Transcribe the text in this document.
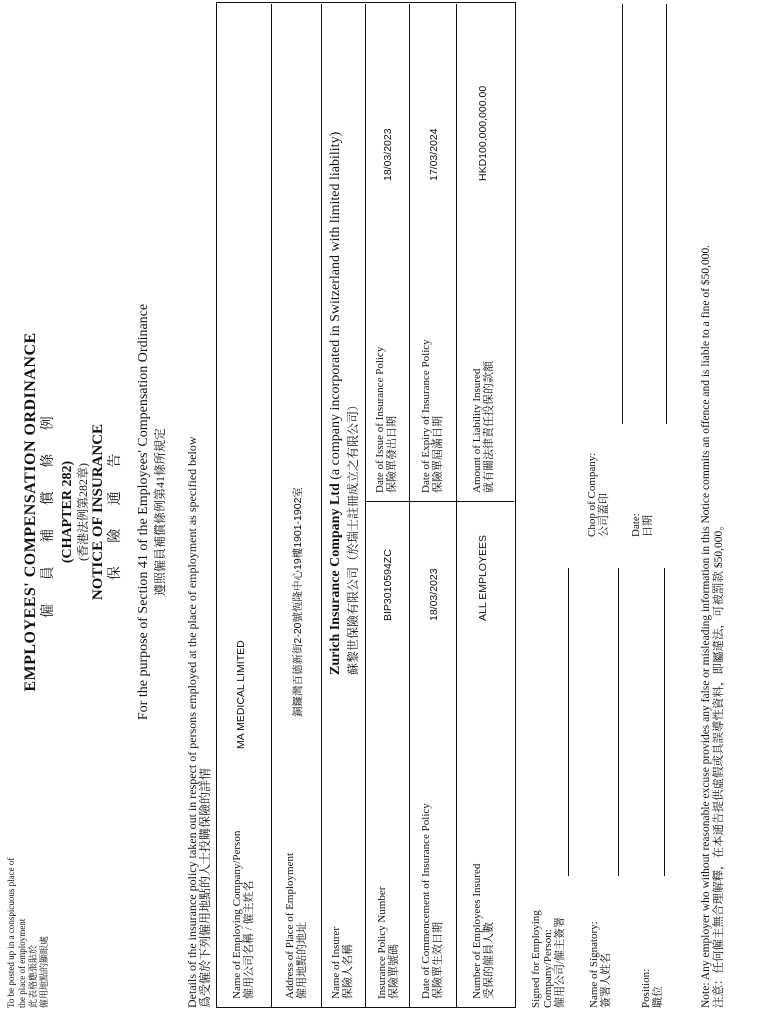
To be posted up in a conspicuous place of the place of employment 此表格應張貼於 僱用地點的顯眼處
EMPLOYEES' COMPENSATION ORDINANCE 僱 員 補 償 條 例 (CHAPTER 282) (香港法例第282章) NOTICE OF INSURANCE 保 險 通 告 For the purpose of Section 41 of the Employees' Compensation Ordinance 遵照僱員補償條例第41條所規定 Details of the insurance policy taken out in respect of persons employed at the place of employment as specified below 爲受僱於下列僱用地點的人士投購保險的詳情 Name of Employing Company/Person 僱用公司名稱 / 僱主姓名
MA MEDICAL LIMITED
Address of Place of Employment 僱用地點的地址
銅鑼灣百德新街2-20號恆隆中心19樓1901-1902室
Name of Insurer 保險人名稱
Zurich Insurance Company Ltd (a company incorporated in Switzerland with limited liability)
蘇黎世保險有限公司（於瑞士註冊成立之有限公司）
Insurance Policy Number 保險單號碼
BIP3010594ZC
Date of Issue of Insurance Policy 保險單發出日期
18/03/2023
Date of Commencement of Insurance Policy 保險單生效日期
18/03/2023
Date of Expiry of Insurance Policy 保險單屆滿日期
17/03/2024
Number of Employees Insured 受保的僱員人數
ALL EMPLOYEES
Amount of Liability Insured 就有關法律責任投保的款額
HKD100,000,000.00
Signed for Employing Company/Person: 僱用公司/僱主簽署
Chop of Company: 公司蓋印
Name of Signatory: 簽署人姓名
Date: 日期
Position: 職位	Note: Any employer who without reasonable excuse provides any false or misleading information in this Notice commits an offence and is liable to a fine of $50,000. 注意：任何僱主無合理解釋，在本通告提供虛假或具誤導性資料，即屬違法，可被罰款 $50,000。
